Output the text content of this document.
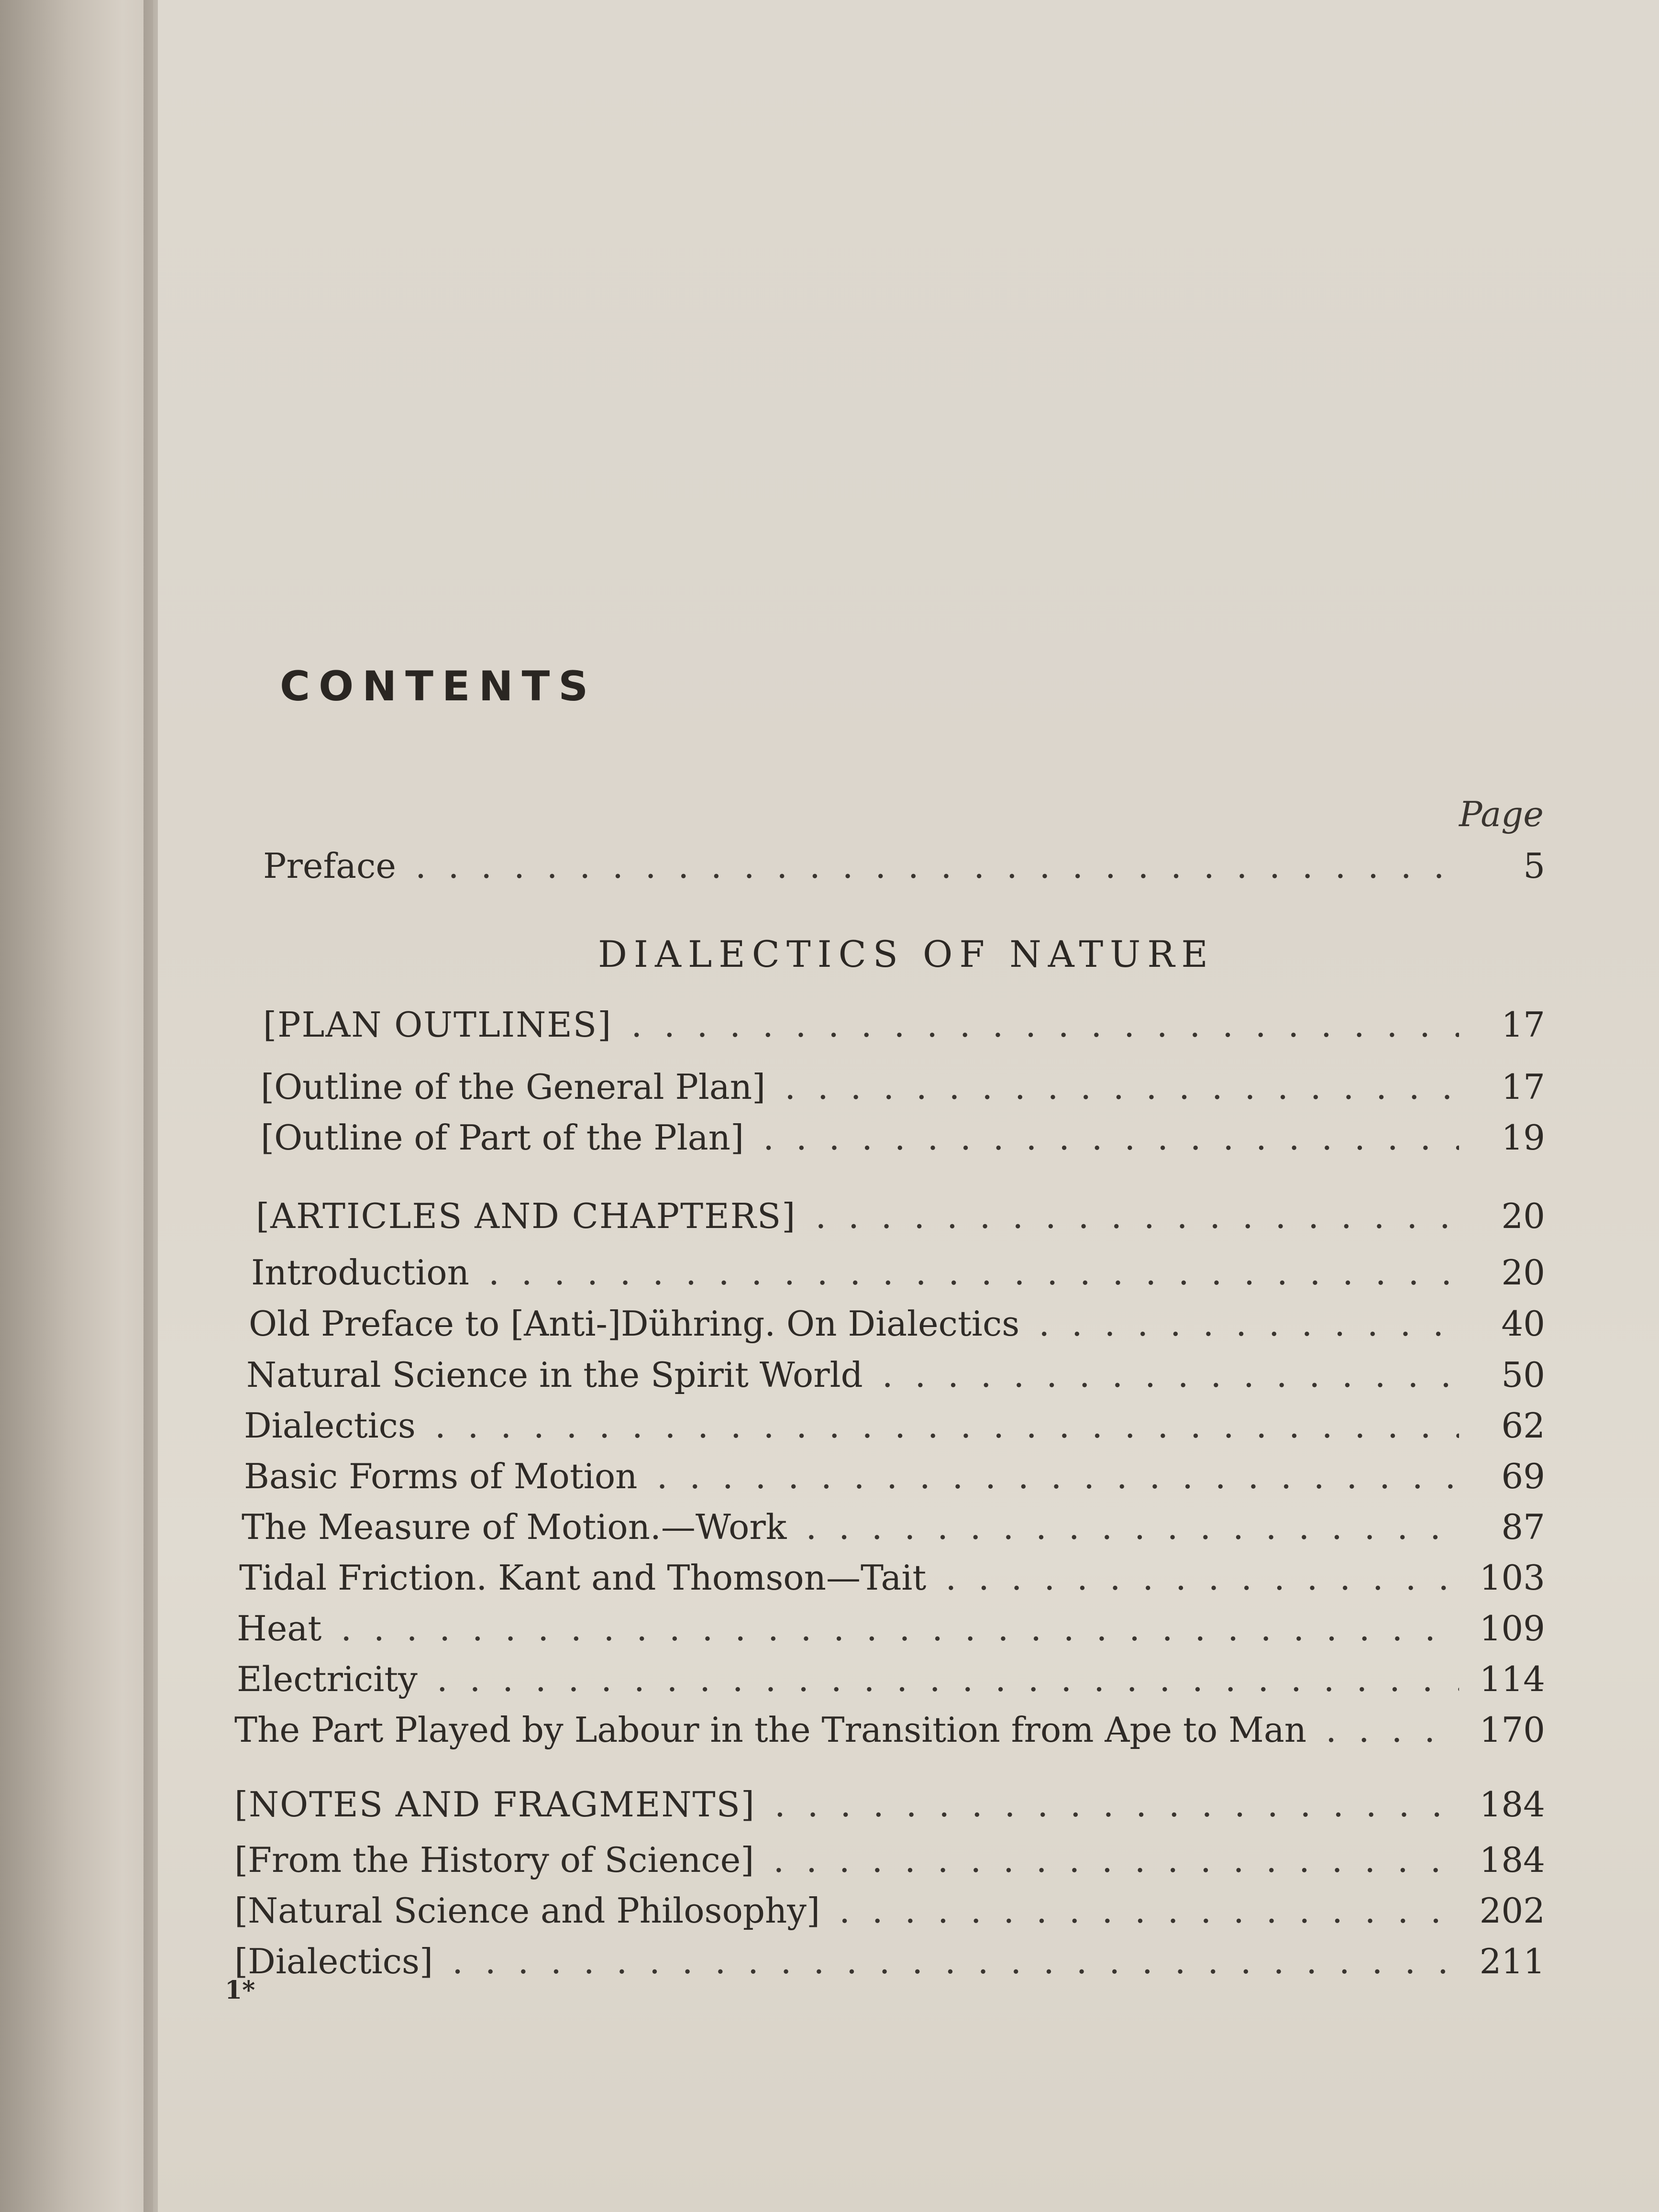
CONTENTS
Page
Preface . .	5
[PLAN OUTLINES] . .	17
[Outline of the General Plan] . .	17
[Outline of Part of the Plan] . .	19
[ARTICLES AND CHAPTERS] . .	20
Introduction . .	20
Old Preface to [Anti-]Dühring. On Dialectics . .	40
Natural Science in the Spirit World . .	50
Dialectics . .	62
Basic Forms of Motion . .	69
The Measure of Motion.—Work . .	87
Tidal Friction. Kant and Thomson—Tait . .	103
Heat . .	109
Electricity . .	114
The Part Played by Labour in the Transition from Ape to Man . .	170
[NOTES AND FRAGMENTS] . .	184
[From the History of Science] . .	184
[Natural Science and Philosophy] . .	202
[Dialectics] . .	211
DIALECTICS OF NATURE
1*
